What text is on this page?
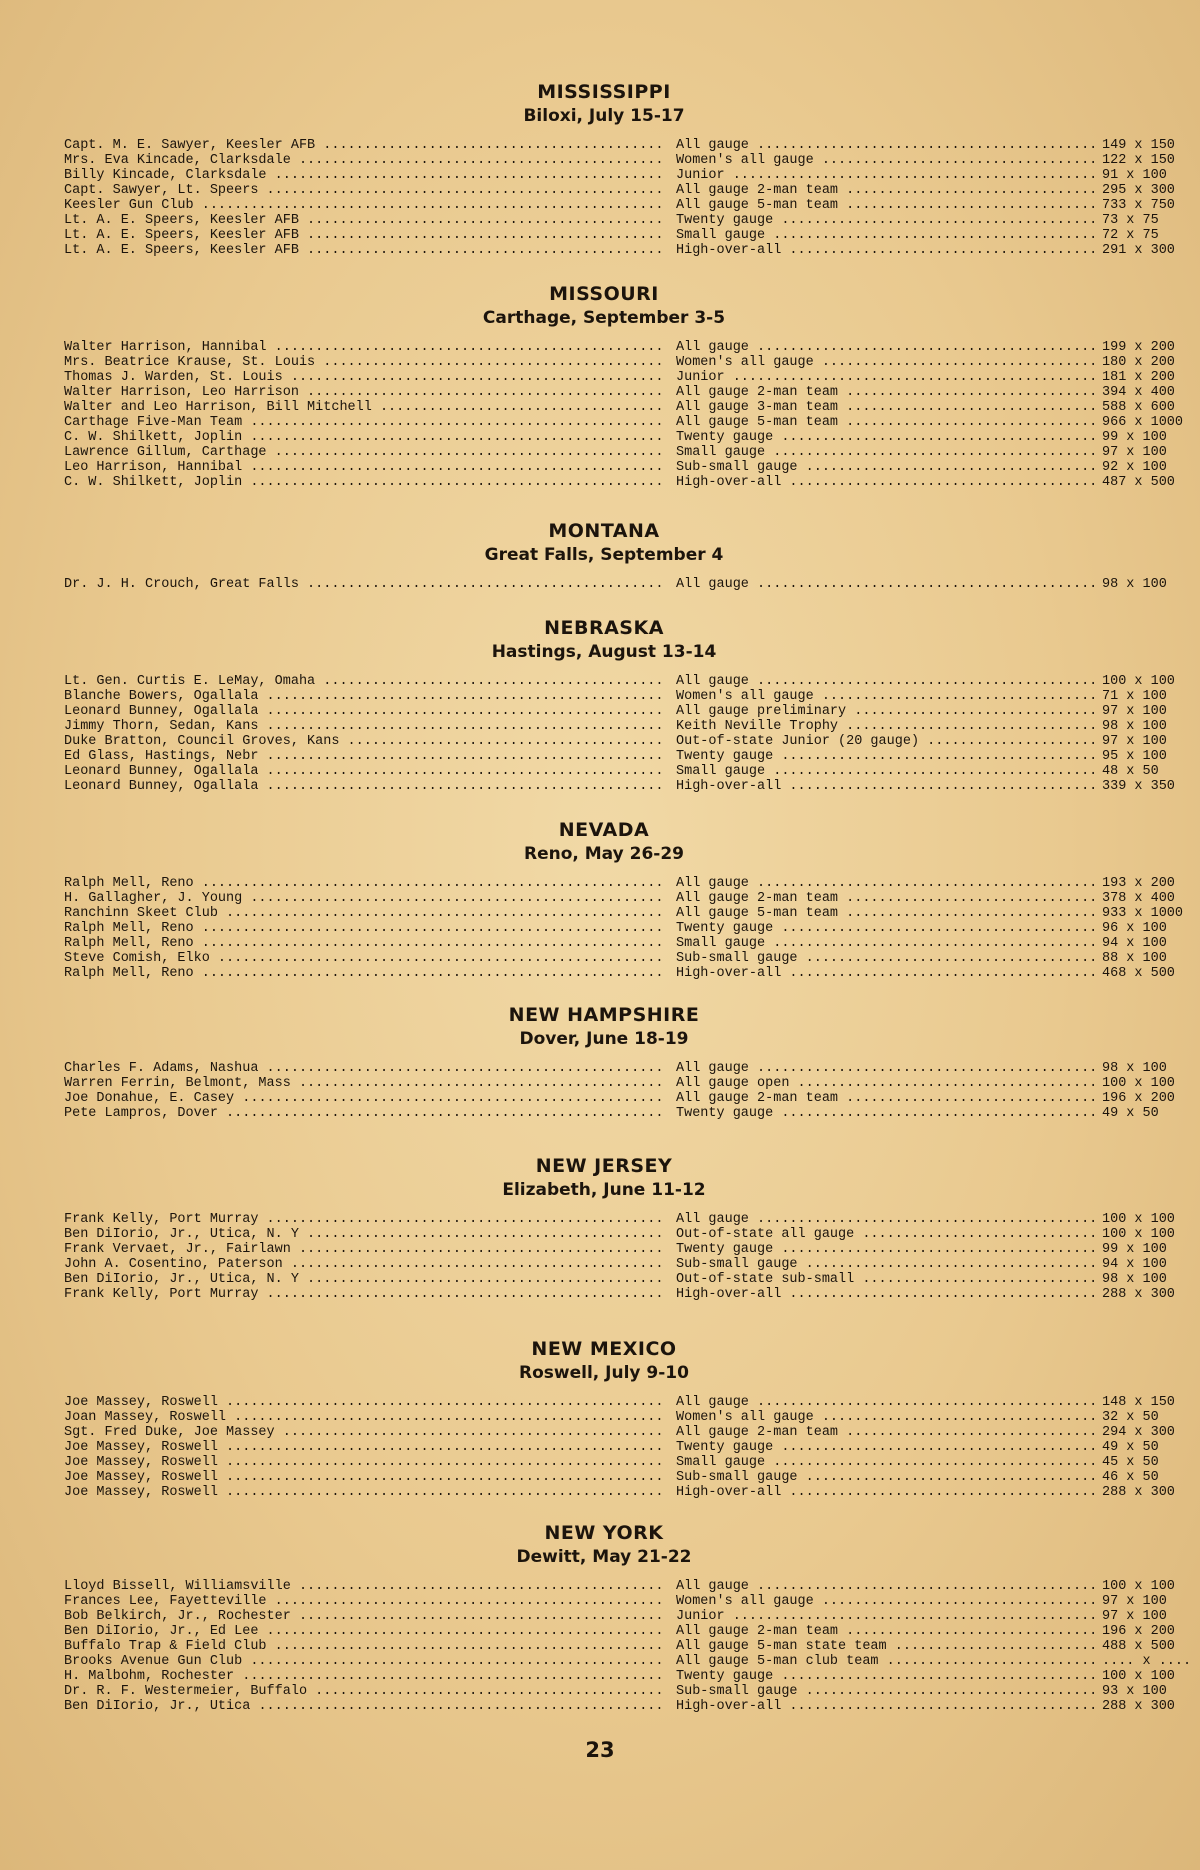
MISSISSIPPI
Biloxi, July 15-17
Capt. M. E. Sawyer, Keesler AFB .....	All gauge .....	149 x 150
Mrs. Eva Kincade, Clarksdale .....	Women's all gauge .....	122 x 150
Billy Kincade, Clarksdale .....	Junior .....	91 x 100
Capt. Sawyer, Lt. Speers .....	All gauge 2-man team .....	295 x 300
Keesler Gun Club .....	All gauge 5-man team .....	733 x 750
Lt. A. E. Speers, Keesler AFB .....	Twenty gauge .....	73 x 75
Lt. A. E. Speers, Keesler AFB .....	Small gauge .....	72 x 75
Lt. A. E. Speers, Keesler AFB .....	High-over-all .....	291 x 300
MISSOURI
Carthage, September 3-5
Walter Harrison, Hannibal .....	All gauge .....	199 x 200
Mrs. Beatrice Krause, St. Louis .....	Women's all gauge .....	180 x 200
Thomas J. Warden, St. Louis .....	Junior .....	181 x 200
Walter Harrison, Leo Harrison .....	All gauge 2-man team .....	394 x 400
Walter and Leo Harrison, Bill Mitchell .....	All gauge 3-man team .....	588 x 600
Carthage Five-Man Team .....	All gauge 5-man team .....	966 x 1000
C. W. Shilkett, Joplin .....	Twenty gauge .....	99 x 100
Lawrence Gillum, Carthage .....	Small gauge .....	97 x 100
Leo Harrison, Hannibal .....	Sub-small gauge .....	92 x 100
C. W. Shilkett, Joplin .....	High-over-all .....	487 x 500
MONTANA
Great Falls, September 4
Dr. J. H. Crouch, Great Falls .....	All gauge .....	98 x 100
NEBRASKA
Hastings, August 13-14
Lt. Gen. Curtis E. LeMay, Omaha .....	All gauge .....	100 x 100
Blanche Bowers, Ogallala .....	Women's all gauge .....	71 x 100
Leonard Bunney, Ogallala .....	All gauge preliminary .....	97 x 100
Jimmy Thorn, Sedan, Kans .....	Keith Neville Trophy .....	98 x 100
Duke Bratton, Council Groves, Kans .....	Out-of-state Junior (20 gauge) .....	97 x 100
Ed Glass, Hastings, Nebr .....	Twenty gauge .....	95 x 100
Leonard Bunney, Ogallala .....	Small gauge .....	48 x 50
Leonard Bunney, Ogallala .....	High-over-all .....	339 x 350
NEVADA
Reno, May 26-29
Ralph Mell, Reno .....	All gauge .....	193 x 200
H. Gallagher, J. Young .....	All gauge 2-man team .....	378 x 400
Ranchinn Skeet Club .....	All gauge 5-man team .....	933 x 1000
Ralph Mell, Reno .....	Twenty gauge .....	96 x 100
Ralph Mell, Reno .....	Small gauge .....	94 x 100
Steve Comish, Elko .....	Sub-small gauge .....	88 x 100
Ralph Mell, Reno .....	High-over-all .....	468 x 500
NEW HAMPSHIRE
Dover, June 18-19
Charles F. Adams, Nashua .....	All gauge .....	98 x 100
Warren Ferrin, Belmont, Mass .....	All gauge open .....	100 x 100
Joe Donahue, E. Casey .....	All gauge 2-man team .....	196 x 200
Pete Lampros, Dover .....	Twenty gauge .....	49 x 50
NEW JERSEY
Elizabeth, June 11-12
Frank Kelly, Port Murray .....	All gauge .....	100 x 100
Ben DiIorio, Jr., Utica, N. Y .....	Out-of-state all gauge .....	100 x 100
Frank Vervaet, Jr., Fairlawn .....	Twenty gauge .....	99 x 100
John A. Cosentino, Paterson .....	Sub-small gauge .....	94 x 100
Ben DiIorio, Jr., Utica, N. Y .....	Out-of-state sub-small .....	98 x 100
Frank Kelly, Port Murray .....	High-over-all .....	288 x 300
NEW MEXICO
Roswell, July 9-10
Joe Massey, Roswell .....	All gauge .....	148 x 150
Joan Massey, Roswell .....	Women's all gauge .....	32 x 50
Sgt. Fred Duke, Joe Massey .....	All gauge 2-man team .....	294 x 300
Joe Massey, Roswell .....	Twenty gauge .....	49 x 50
Joe Massey, Roswell .....	Small gauge .....	45 x 50
Joe Massey, Roswell .....	Sub-small gauge .....	46 x 50
Joe Massey, Roswell .....	High-over-all .....	288 x 300
NEW YORK
Dewitt, May 21-22
Lloyd Bissell, Williamsville .....	All gauge .....	100 x 100
Frances Lee, Fayetteville .....	Women's all gauge .....	97 x 100
Bob Belkirch, Jr., Rochester .....	Junior .....	97 x 100
Ben DiIorio, Jr., Ed Lee .....	All gauge 2-man team .....	196 x 200
Buffalo Trap & Field Club .....	All gauge 5-man state team .....	488 x 500
Brooks Avenue Gun Club .....	All gauge 5-man club team .....	.... x ....
H. Malbohm, Rochester .....	Twenty gauge .....	100 x 100
Dr. R. F. Westermeier, Buffalo .....	Sub-small gauge .....	93 x 100
Ben DiIorio, Jr., Utica .....	High-over-all .....	288 x 300
23
